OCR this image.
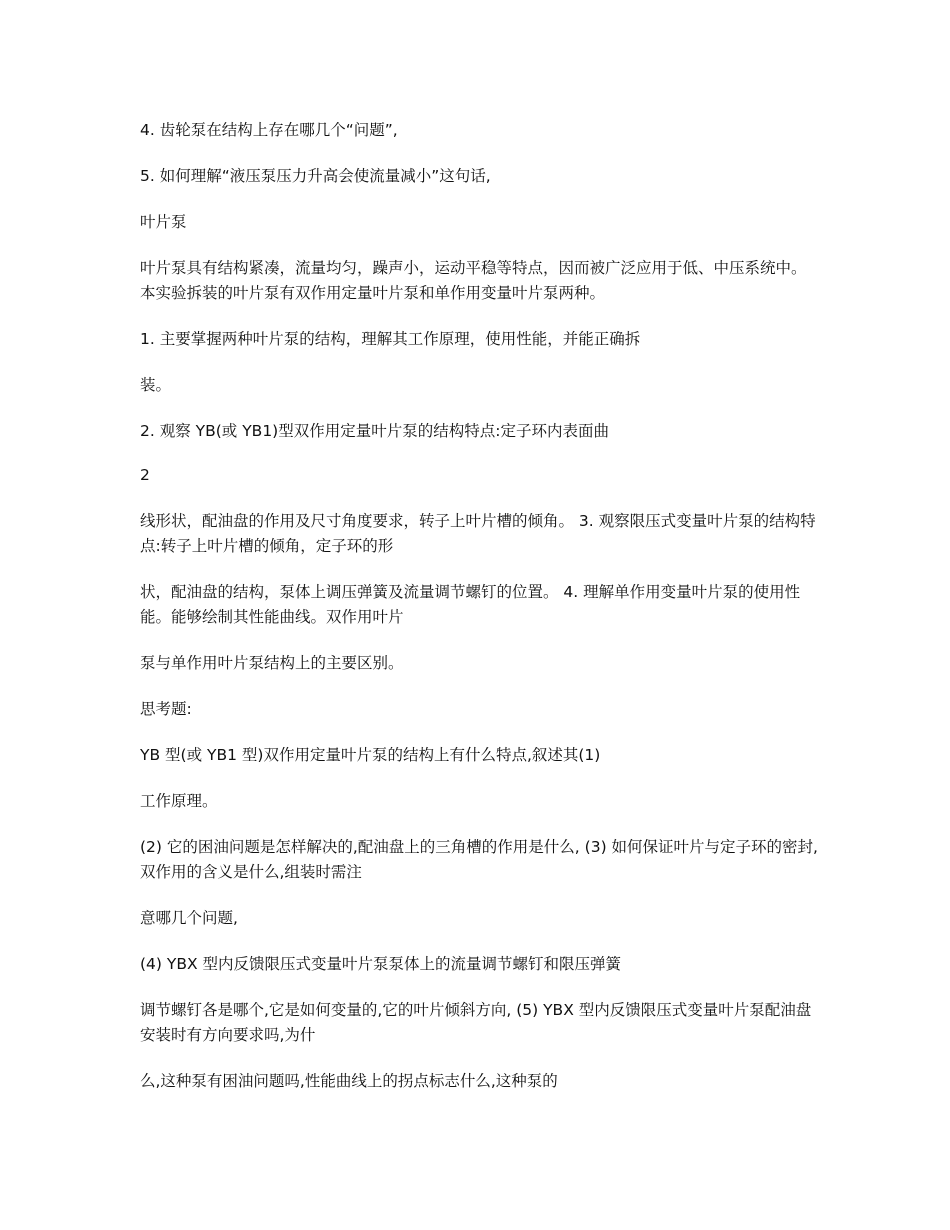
4. 齿轮泵在结构上存在哪几个“问题”,

5. 如何理解“液压泵压力升高会使流量减小”这句话,

叶片泵

叶片泵具有结构紧凑，流量均匀，躁声小，运动平稳等特点，因而被广泛应用于低、中压系统中。本实验拆装的叶片泵有双作用定量叶片泵和单作用变量叶片泵两种。

1. 主要掌握两种叶片泵的结构，理解其工作原理，使用性能，并能正确拆

装。

2. 观察 YB(或 YB1)型双作用定量叶片泵的结构特点:定子环内表面曲

2

线形状，配油盘的作用及尺寸角度要求，转子上叶片槽的倾角。 3. 观察限压式变量叶片泵的结构特点:转子上叶片槽的倾角，定子环的形

状，配油盘的结构，泵体上调压弹簧及流量调节螺钉的位置。 4. 理解单作用变量叶片泵的使用性能。能够绘制其性能曲线。双作用叶片

泵与单作用叶片泵结构上的主要区别。

思考题:

YB 型(或 YB1 型)双作用定量叶片泵的结构上有什么特点,叙述其(1)

工作原理。

(2) 它的困油问题是怎样解决的,配油盘上的三角槽的作用是什么, (3) 如何保证叶片与定子环的密封,双作用的含义是什么,组装时需注

意哪几个问题,

(4) YBX 型内反馈限压式变量叶片泵泵体上的流量调节螺钉和限压弹簧

调节螺钉各是哪个,它是如何变量的,它的叶片倾斜方向, (5) YBX 型内反馈限压式变量叶片泵配油盘安装时有方向要求吗,为什

么,这种泵有困油问题吗,性能曲线上的拐点标志什么,这种泵的
